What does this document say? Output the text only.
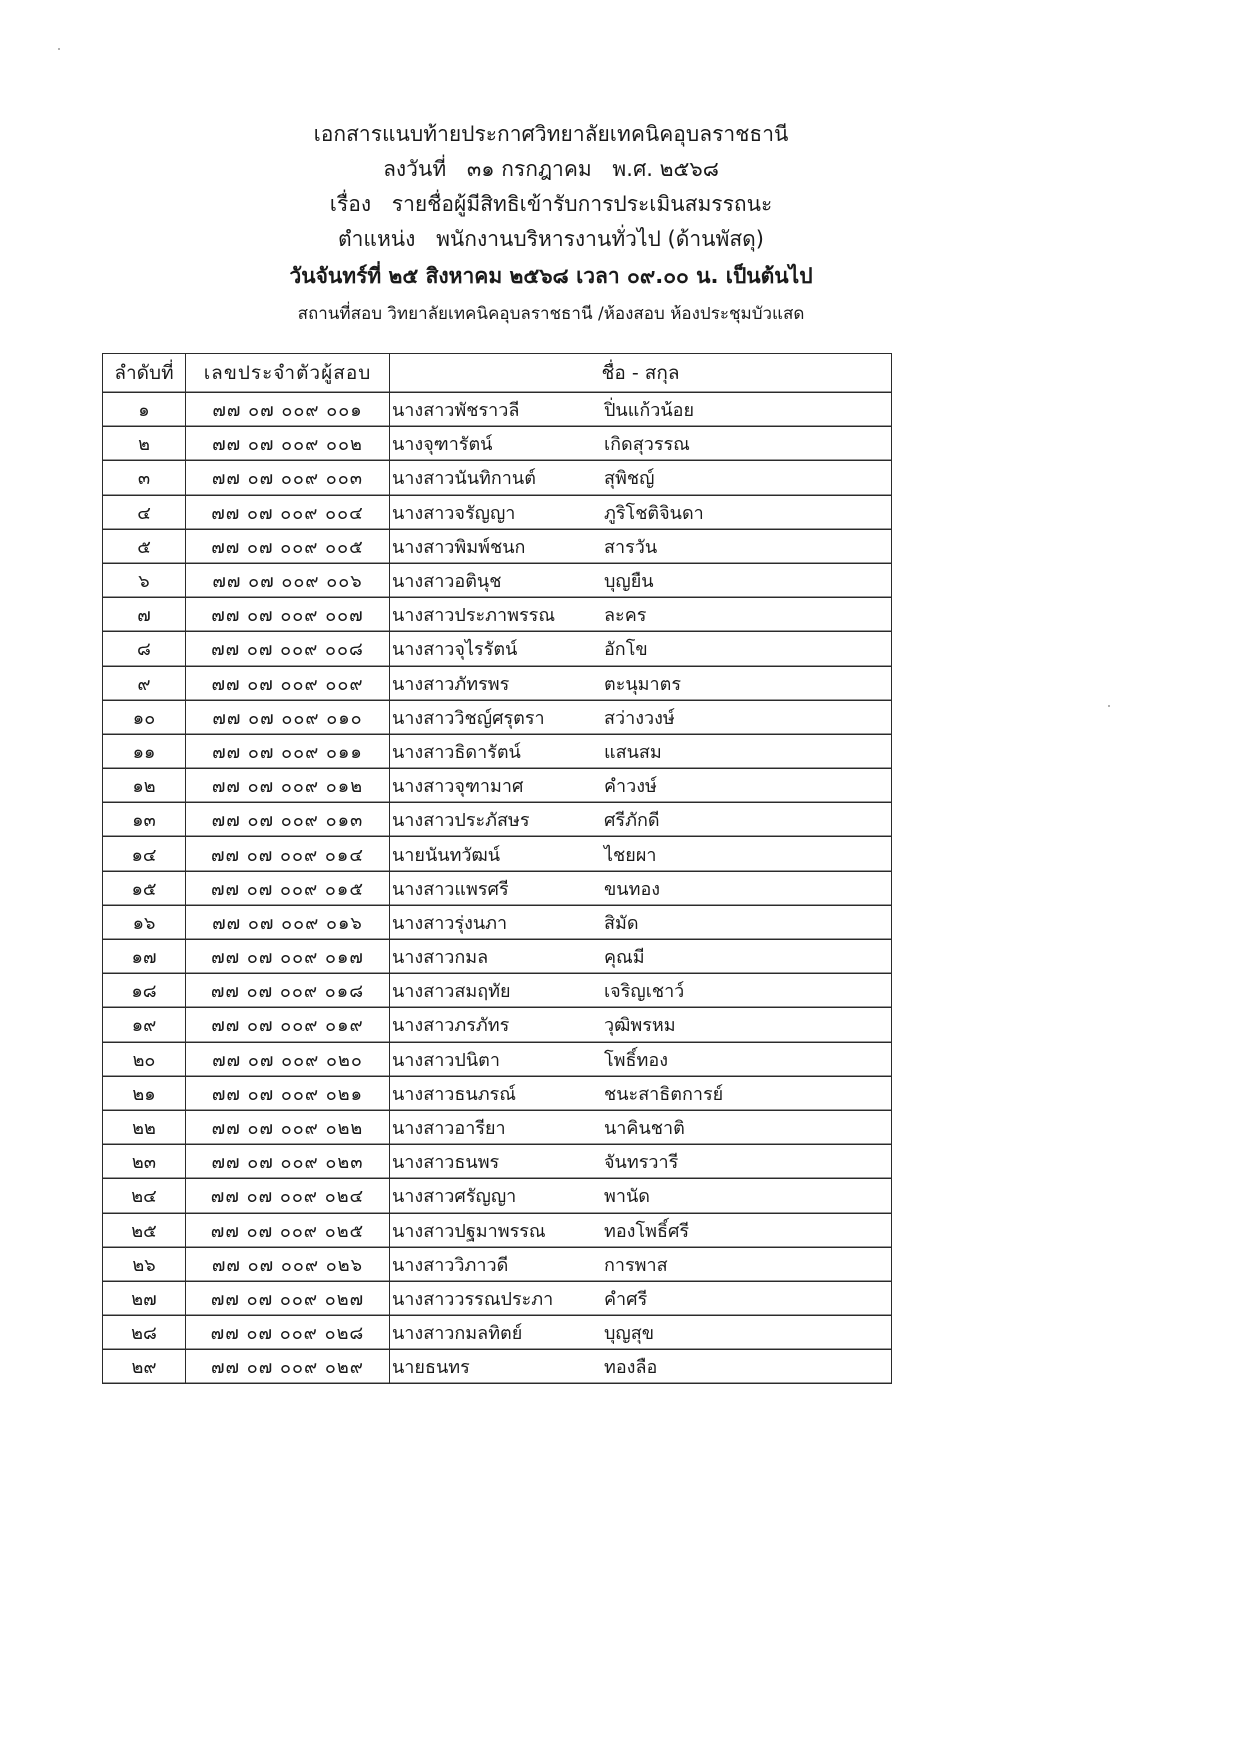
เอกสารแนบท้ายประกาศวิทยาลัยเทคนิคอุบลราชธานี
ลงวันที่ ๓๑ กรกฎาคม พ.ศ. ๒๕๖๘
เรื่อง รายชื่อผู้มีสิทธิเข้ารับการประเมินสมรรถนะ
ตำแหน่ง พนักงานบริหารงานทั่วไป (ด้านพัสดุ)
วันจันทร์ที่ ๒๕ สิงหาคม ๒๕๖๘ เวลา ๐๙.๐๐ น. เป็นต้นไป
สถานที่สอบ วิทยาลัยเทคนิคอุบลราชธานี /ห้องสอบ ห้องประชุมบัวแสด
ลำดับที่	เลขประจำตัวผู้สอบ	ชื่อ - สกุล
๑	๗๗ ๐๗ ๐๐๙ ๐๐๑	นางสาวพัชราวลี ปิ่นแก้วน้อย
๒	๗๗ ๐๗ ๐๐๙ ๐๐๒	นางจุฑารัตน์ เกิดสุวรรณ
๓	๗๗ ๐๗ ๐๐๙ ๐๐๓	นางสาวนันทิกานต์ สุพิชญ์
๔	๗๗ ๐๗ ๐๐๙ ๐๐๔	นางสาวจรัญญา ภูริโชติจินดา
๕	๗๗ ๐๗ ๐๐๙ ๐๐๕	นางสาวพิมพ์ชนก สารวัน
๖	๗๗ ๐๗ ๐๐๙ ๐๐๖	นางสาวอตินุช บุญยืน
๗	๗๗ ๐๗ ๐๐๙ ๐๐๗	นางสาวประภาพรรณ ละคร
๘	๗๗ ๐๗ ๐๐๙ ๐๐๘	นางสาวจุไรรัตน์ อักโข
๙	๗๗ ๐๗ ๐๐๙ ๐๐๙	นางสาวภัทรพร ตะนุมาตร
๑๐	๗๗ ๐๗ ๐๐๙ ๐๑๐	นางสาววิชญ์ศรุตรา สว่างวงษ์
๑๑	๗๗ ๐๗ ๐๐๙ ๐๑๑	นางสาวธิดารัตน์ แสนสม
๑๒	๗๗ ๐๗ ๐๐๙ ๐๑๒	นางสาวจุฑามาศ คำวงษ์
๑๓	๗๗ ๐๗ ๐๐๙ ๐๑๓	นางสาวประภัสษร ศรีภักดี
๑๔	๗๗ ๐๗ ๐๐๙ ๐๑๔	นายนันทวัฒน์ ไชยผา
๑๕	๗๗ ๐๗ ๐๐๙ ๐๑๕	นางสาวแพรศรี ขนทอง
๑๖	๗๗ ๐๗ ๐๐๙ ๐๑๖	นางสาวรุ่งนภา สิมัด
๑๗	๗๗ ๐๗ ๐๐๙ ๐๑๗	นางสาวกมล คุณมี
๑๘	๗๗ ๐๗ ๐๐๙ ๐๑๘	นางสาวสมฤทัย เจริญเชาว์
๑๙	๗๗ ๐๗ ๐๐๙ ๐๑๙	นางสาวภรภัทร วุฒิพรหม
๒๐	๗๗ ๐๗ ๐๐๙ ๐๒๐	นางสาวปนิตา โพธิ์ทอง
๒๑	๗๗ ๐๗ ๐๐๙ ๐๒๑	นางสาวธนภรณ์ ชนะสาธิตการย์
๒๒	๗๗ ๐๗ ๐๐๙ ๐๒๒	นางสาวอารียา นาคินชาติ
๒๓	๗๗ ๐๗ ๐๐๙ ๐๒๓	นางสาวธนพร จันทรวารี
๒๔	๗๗ ๐๗ ๐๐๙ ๐๒๔	นางสาวศรัญญา พานัด
๒๕	๗๗ ๐๗ ๐๐๙ ๐๒๕	นางสาวปฐมาพรรณ ทองโพธิ์ศรี
๒๖	๗๗ ๐๗ ๐๐๙ ๐๒๖	นางสาววิภาวดี การพาส
๒๗	๗๗ ๐๗ ๐๐๙ ๐๒๗	นางสาววรรณประภา คำศรี
๒๘	๗๗ ๐๗ ๐๐๙ ๐๒๘	นางสาวกมลทิตย์ บุญสุข
๒๙	๗๗ ๐๗ ๐๐๙ ๐๒๙	นายธนทร ทองลือ
